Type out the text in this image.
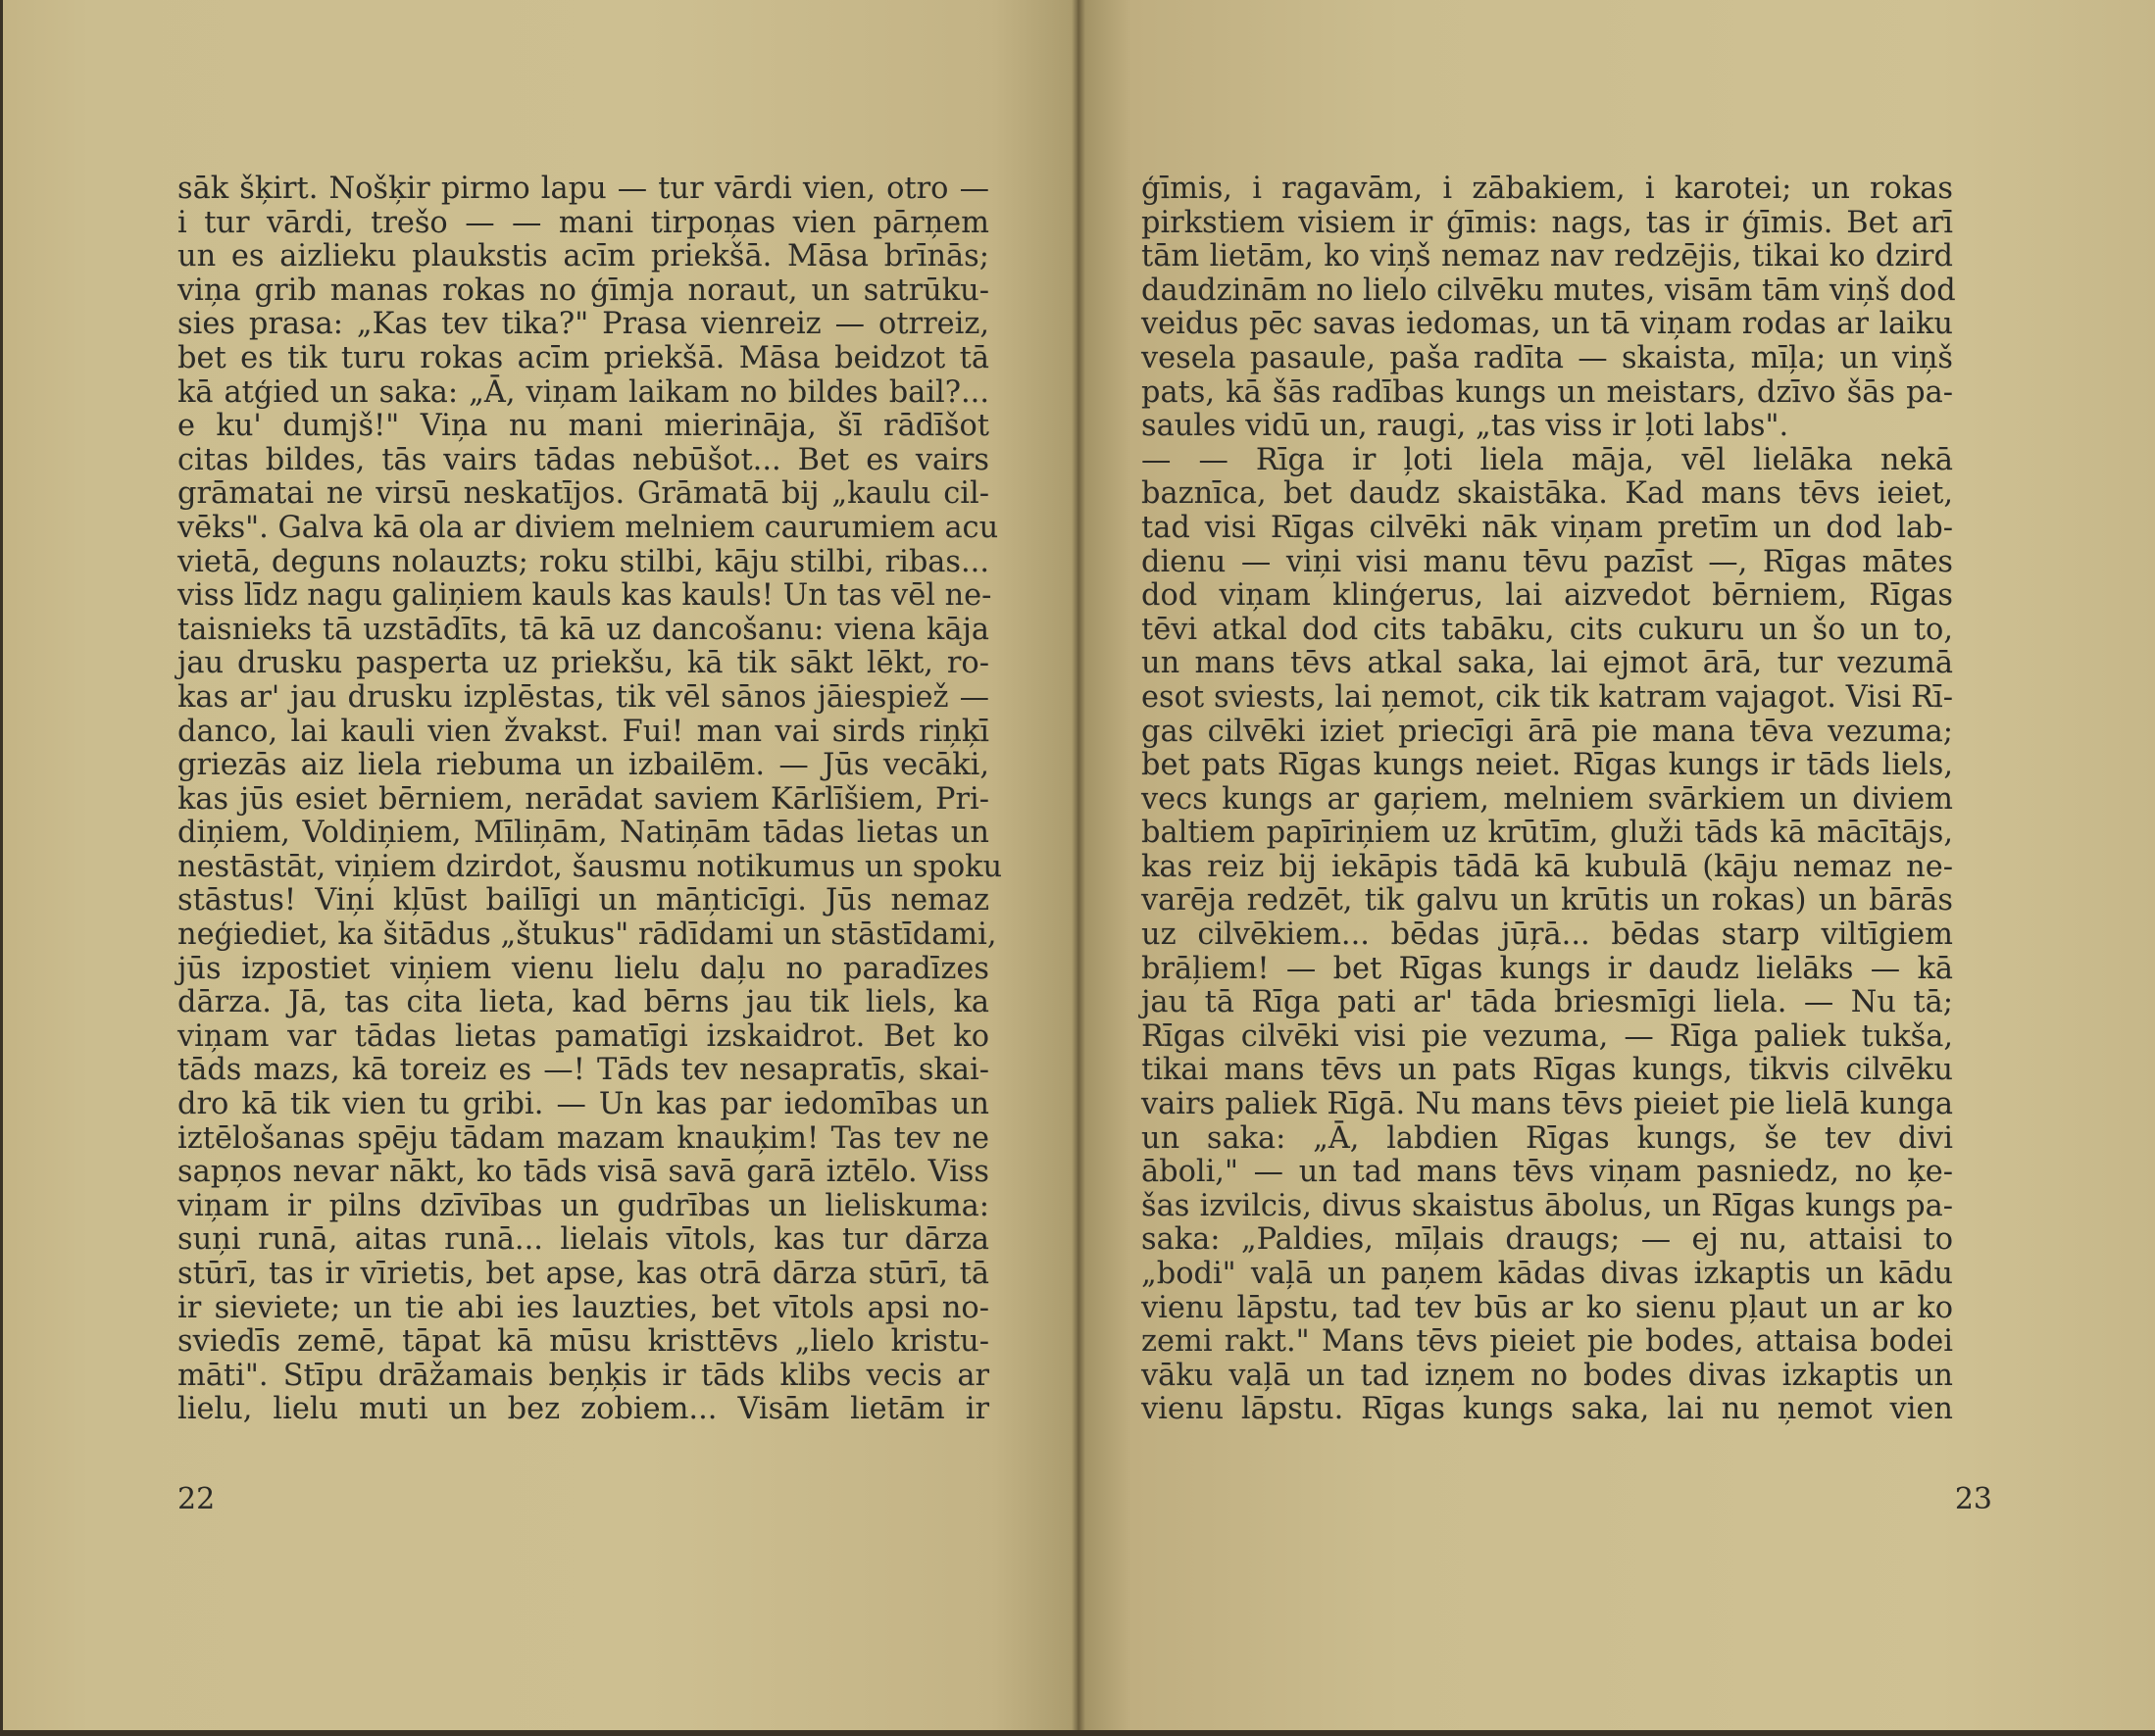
sāk šķirt. Nošķir pirmo lapu — tur vārdi vien, otro —
i tur vārdi, trešo — — mani tirpoņas vien pārņem
un es aizlieku plaukstis acīm priekšā. Māsa brīnās;
viņa grib manas rokas no ģīmja noraut, un satrūku-
sies prasa: „Kas tev tika?" Prasa vienreiz — otrreiz,
bet es tik turu rokas acīm priekšā. Māsa beidzot tā
kā atģied un saka: „Ā, viņam laikam no bildes bail?...
e ku' dumjš!" Viņa nu mani mierināja, šī rādīšot
citas bildes, tās vairs tādas nebūšot... Bet es vairs
grāmatai ne virsū neskatījos. Grāmatā bij „kaulu cil-
vēks". Galva kā ola ar diviem melniem caurumiem acu
vietā, deguns nolauzts; roku stilbi, kāju stilbi, ribas...
viss līdz nagu galiņiem kauls kas kauls! Un tas vēl ne-
taisnieks tā uzstādīts, tā kā uz dancošanu: viena kāja
jau drusku pasperta uz priekšu, kā tik sākt lēkt, ro-
kas ar' jau drusku izplēstas, tik vēl sānos jāiespiež —
danco, lai kauli vien žvakst. Fui! man vai sirds riņķī
griezās aiz liela riebuma un izbailēm. — Jūs vecāki,
kas jūs esiet bērniem, nerādat saviem Kārlīšiem, Pri-
diņiem, Voldiņiem, Mīliņām, Natiņām tādas lietas un
nestāstāt, viņiem dzirdot, šausmu notikumus un spoku
stāstus! Viņi kļūst bailīgi un māņticīgi. Jūs nemaz
neģiediet, ka šitādus „štukus" rādīdami un stāstīdami,
jūs izpostiet viņiem vienu lielu daļu no paradīzes
dārza. Jā, tas cita lieta, kad bērns jau tik liels, ka
viņam var tādas lietas pamatīgi izskaidrot. Bet ko
tāds mazs, kā toreiz es —! Tāds tev nesapratīs, skai-
dro kā tik vien tu gribi. — Un kas par iedomības un
iztēlošanas spēju tādam mazam knauķim! Tas tev ne
sapņos nevar nākt, ko tāds visā savā garā iztēlo. Viss
viņam ir pilns dzīvības un gudrības un lieliskuma:
suņi runā, aitas runā... lielais vītols, kas tur dārza
stūrī, tas ir vīrietis, bet apse, kas otrā dārza stūrī, tā
ir sieviete; un tie abi ies lauzties, bet vītols apsi no-
sviedīs zemē, tāpat kā mūsu kristtēvs „lielo kristu-
māti". Stīpu drāžamais beņķis ir tāds klibs vecis ar
lielu, lielu muti un bez zobiem... Visām lietām ir
22
ģīmis, i ragavām, i zābakiem, i karotei; un rokas
pirkstiem visiem ir ģīmis: nags, tas ir ģīmis. Bet arī
tām lietām, ko viņš nemaz nav redzējis, tikai ko dzird
daudzinām no lielo cilvēku mutes, visām tām viņš dod
veidus pēc savas iedomas, un tā viņam rodas ar laiku
vesela pasaule, paša radīta — skaista, mīļa; un viņš
pats, kā šās radības kungs un meistars, dzīvo šās pa-
saules vidū un, raugi, „tas viss ir ļoti labs".
— — Rīga ir ļoti liela māja, vēl lielāka nekā
baznīca, bet daudz skaistāka. Kad mans tēvs ieiet,
tad visi Rīgas cilvēki nāk viņam pretīm un dod lab-
dienu — viņi visi manu tēvu pazīst —, Rīgas mātes
dod viņam klinģerus, lai aizvedot bērniem, Rīgas
tēvi atkal dod cits tabāku, cits cukuru un šo un to,
un mans tēvs atkal saka, lai ejmot ārā, tur vezumā
esot sviests, lai ņemot, cik tik katram vajagot. Visi Rī-
gas cilvēki iziet priecīgi ārā pie mana tēva vezuma;
bet pats Rīgas kungs neiet. Rīgas kungs ir tāds liels,
vecs kungs ar gaŗiem, melniem svārkiem un diviem
baltiem papīriņiem uz krūtīm, gluži tāds kā mācītājs,
kas reiz bij iekāpis tādā kā kubulā (kāju nemaz ne-
varēja redzēt, tik galvu un krūtis un rokas) un bārās
uz cilvēkiem... bēdas jūŗā... bēdas starp viltīgiem
brāļiem! — bet Rīgas kungs ir daudz lielāks — kā
jau tā Rīga pati ar' tāda briesmīgi liela. — Nu tā;
Rīgas cilvēki visi pie vezuma, — Rīga paliek tukša,
tikai mans tēvs un pats Rīgas kungs, tikvis cilvēku
vairs paliek Rīgā. Nu mans tēvs pieiet pie lielā kunga
un saka: „Ā, labdien Rīgas kungs, še tev divi
āboli," — un tad mans tēvs viņam pasniedz, no ķe-
šas izvilcis, divus skaistus ābolus, un Rīgas kungs pa-
saka: „Paldies, mīļais draugs; — ej nu, attaisi to
„bodi" vaļā un paņem kādas divas izkaptis un kādu
vienu lāpstu, tad tev būs ar ko sienu pļaut un ar ko
zemi rakt." Mans tēvs pieiet pie bodes, attaisa bodei
vāku vaļā un tad izņem no bodes divas izkaptis un
vienu lāpstu. Rīgas kungs saka, lai nu ņemot vien
23
